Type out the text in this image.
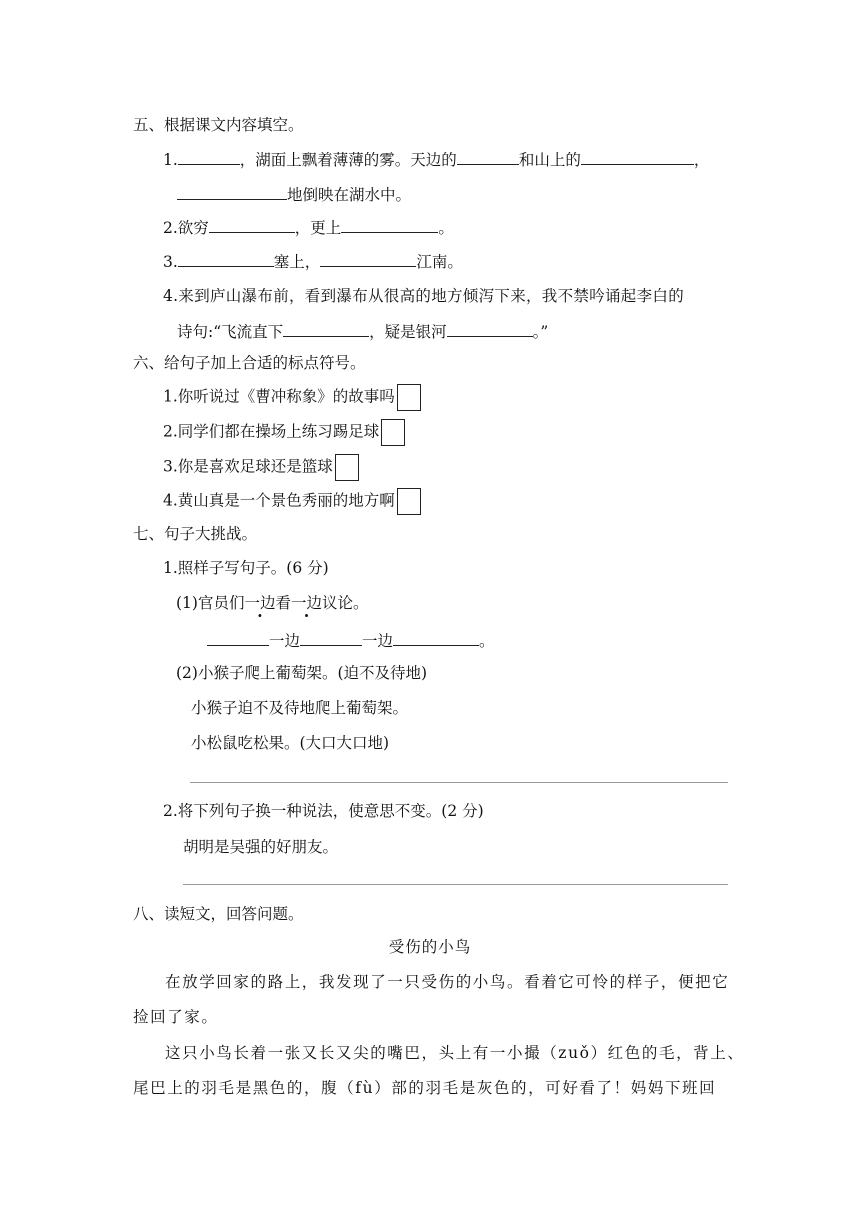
五、根据课文内容填空。
1.	，湖面上飘着薄薄的雾。天边的	和山上的	，
地倒映在湖水中。
2.欲穷	，更上	。
3.	塞上，	江南。
4.来到庐山瀑布前，看到瀑布从很高的地方倾泻下来，我不禁吟诵起李白的
诗句:“飞流直下	，疑是银河	。”
六、给句子加上合适的标点符号。
1.你听说过《曹冲称象》的故事吗
2.同学们都在操场上练习踢足球
3.你是喜欢足球还是篮球
4.黄山真是一个景色秀丽的地方啊
七、句子大挑战。
1.照样子写句子。(6 分)
(1)官员们一边看一边议论。
一边	一边	。
(2)小猴子爬上葡萄架。(迫不及待地)
小猴子迫不及待地爬上葡萄架。
小松鼠吃松果。(大口大口地)
2.将下列句子换一种说法，使意思不变。(2 分)
胡明是吴强的好朋友。
八、读短文，回答问题。
受伤的小鸟
在放学回家的路上，我发现了一只受伤的小鸟。看着它可怜的样子，便把它
捡回了家。
这只小鸟长着一张又长又尖的嘴巴，头上有一小撮（zuǒ）红色的毛，背上、
尾巴上的羽毛是黑色的，腹（fù）部的羽毛是灰色的，可好看了！妈妈下班回
